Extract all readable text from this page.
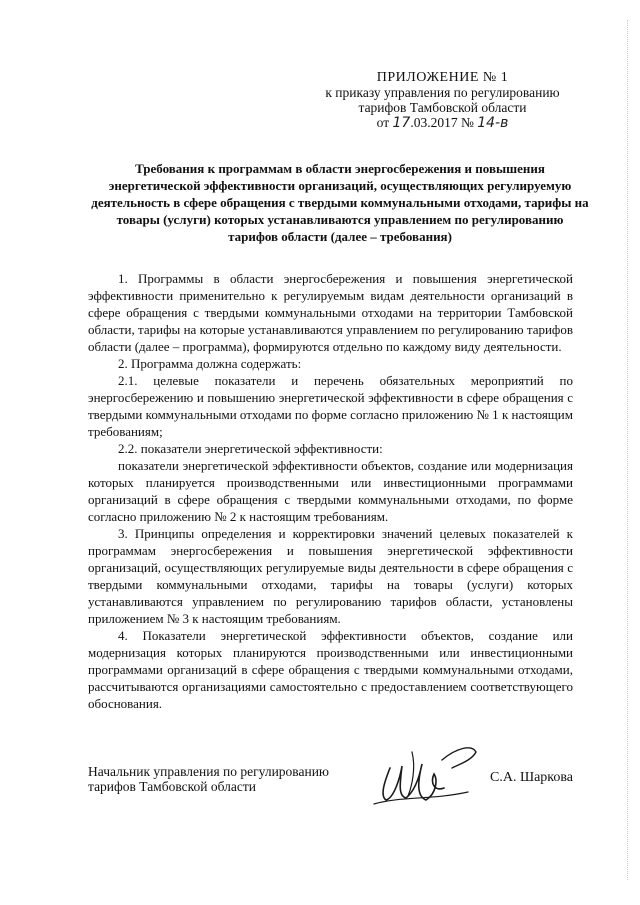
ПРИЛОЖЕНИЕ № 1
к приказу управления по регулированию
тарифов Тамбовской области
от 17.03.2017 № 14-в
Требования к программам в области энергосбережения и повышения энергетической эффективности организаций, осуществляющих регулируемую деятельность в сфере обращения с твердыми коммунальными отходами, тарифы на товары (услуги) которых устанавливаются управлением по регулированию тарифов области (далее – требования)

1. Программы в области энергосбережения и повышения энергетической эффективности применительно к регулируемым видам деятельности организаций в сфере обращения с твердыми коммунальными отходами на территории Тамбовской области, тарифы на которые устанавливаются управлением по регулированию тарифов области (далее – программа), формируются отдельно по каждому виду деятельности.

2. Программа должна содержать:

2.1. целевые показатели и перечень обязательных мероприятий по энергосбережению и повышению энергетической эффективности в сфере обращения с твердыми коммунальными отходами по форме согласно приложению № 1 к настоящим требованиям;

2.2. показатели энергетической эффективности:

показатели энергетической эффективности объектов, создание или модернизация которых планируется производственными или инвестиционными программами организаций в сфере обращения с твердыми коммунальными отходами, по форме согласно приложению № 2 к настоящим требованиям.

3. Принципы определения и корректировки значений целевых показателей к программам энергосбережения и повышения энергетической эффективности организаций, осуществляющих регулируемые виды деятельности в сфере обращения с твердыми коммунальными отходами, тарифы на товары (услуги) которых устанавливаются управлением по регулированию тарифов области, установлены приложением № 3 к настоящим требованиям.

4. Показатели энергетической эффективности объектов, создание или модернизация которых планируются производственными или инвестиционными программами организаций в сфере обращения с твердыми коммунальными отходами, рассчитываются организациями самостоятельно с предоставлением соответствующего обоснования.

Начальник управления по регулированию
тарифов Тамбовской области
С.А. Шаркова
